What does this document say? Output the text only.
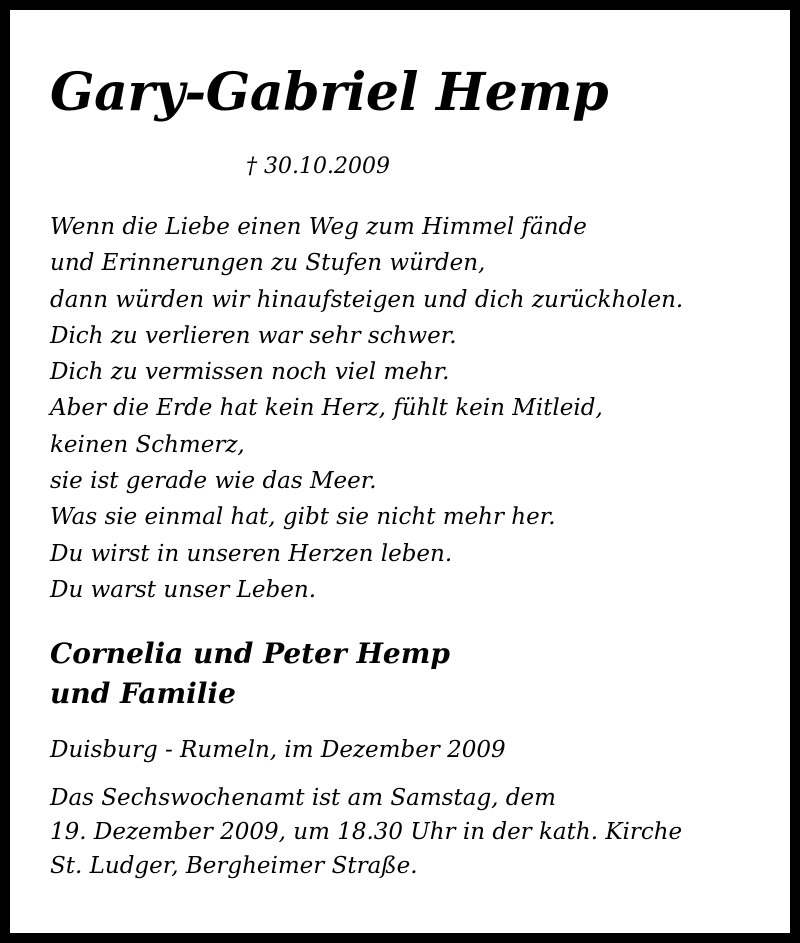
Gary-Gabriel Hemp
† 30.10.2009
Wenn die Liebe einen Weg zum Himmel fände
und Erinnerungen zu Stufen würden,
dann würden wir hinaufsteigen und dich zurückholen.
Dich zu verlieren war sehr schwer.
Dich zu vermissen noch viel mehr.
Aber die Erde hat kein Herz, fühlt kein Mitleid,
keinen Schmerz,
sie ist gerade wie das Meer.
Was sie einmal hat, gibt sie nicht mehr her.
Du wirst in unseren Herzen leben.
Du warst unser Leben.
Cornelia und Peter Hemp
und Familie
Duisburg - Rumeln, im Dezember 2009
Das Sechswochenamt ist am Samstag, dem
19. Dezember 2009, um 18.30 Uhr in der kath. Kirche
St. Ludger, Bergheimer Straße.
